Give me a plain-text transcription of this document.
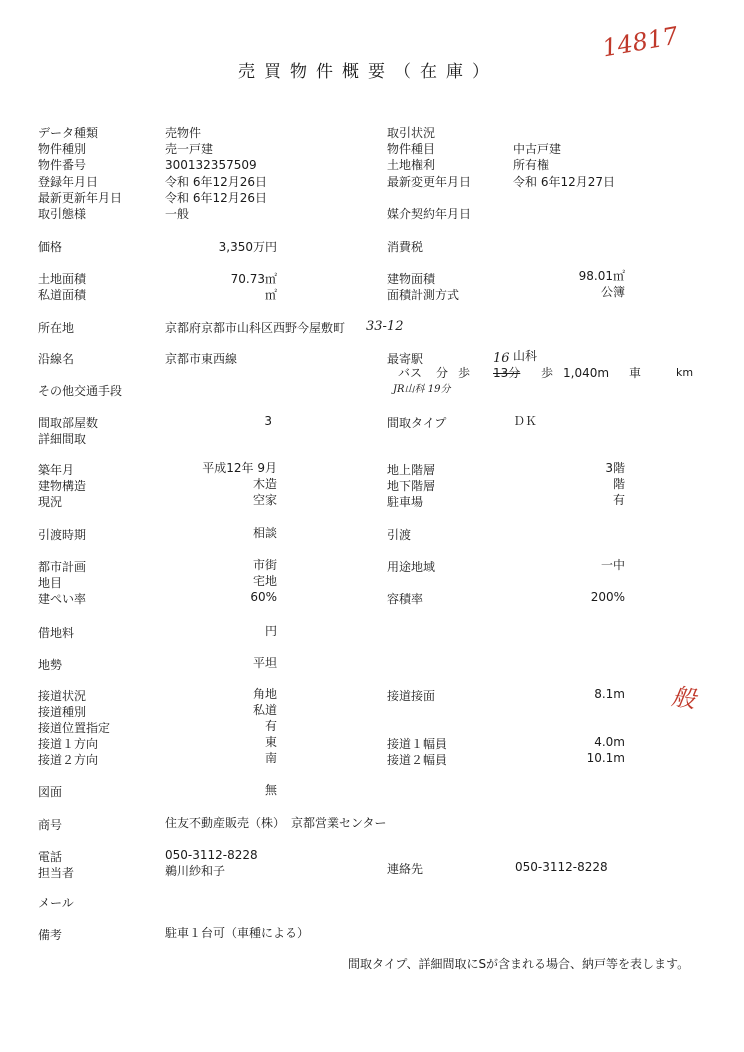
14817
売買物件概要（在庫）
データ種類	売物件
物件種別	売一戸建
物件番号	300132357509
登録年月日	令和 6年12月26日
最新更新年月日	令和 6年12月26日
取引態様	一般
取引状況
物件種目	中古戸建
土地権利	所有権
最新変更年月日	令和 6年12月27日
媒介契約年月日
価格	3,350万円	消費税
土地面積	70.73㎡
私道面積	㎡
建物面積	98.01㎡
面積計測方式	公簿
所在地	京都府京都市山科区西野今屋敷町 33-12
沿線名	京都市東西線	最寄駅	山科
16
バス 分 歩 13分 歩 1,040m 車	km
その他交通手段	JR山科 19分
間取部屋数	3
詳細間取
間取タイプ	ＤＫ
築年月	平成12年 9月
建物構造	木造
現況	空家
地上階層	3階
地下階層	階
駐車場	有
引渡時期	相談	引渡
都市計画	市街
地目	宅地
建ぺい率	60%
用途地域	一中
容積率	200%
借地料	円
地勢	平坦
接道状況	角地
接道種別	私道
接道位置指定	有
接道１方向	東
接道２方向	南
接道接面	8.1m 般
接道１幅員	4.0m
接道２幅員	10.1m
図面	無
商号	住友不動産販売（株）　京都営業センター
電話	050-3112-8228
担当者	鵜川紗和子	連絡先	050-3112-8228
メール
備考	駐車１台可（車種による）
間取タイプ、詳細間取にSが含まれる場合、納戸等を表します。
